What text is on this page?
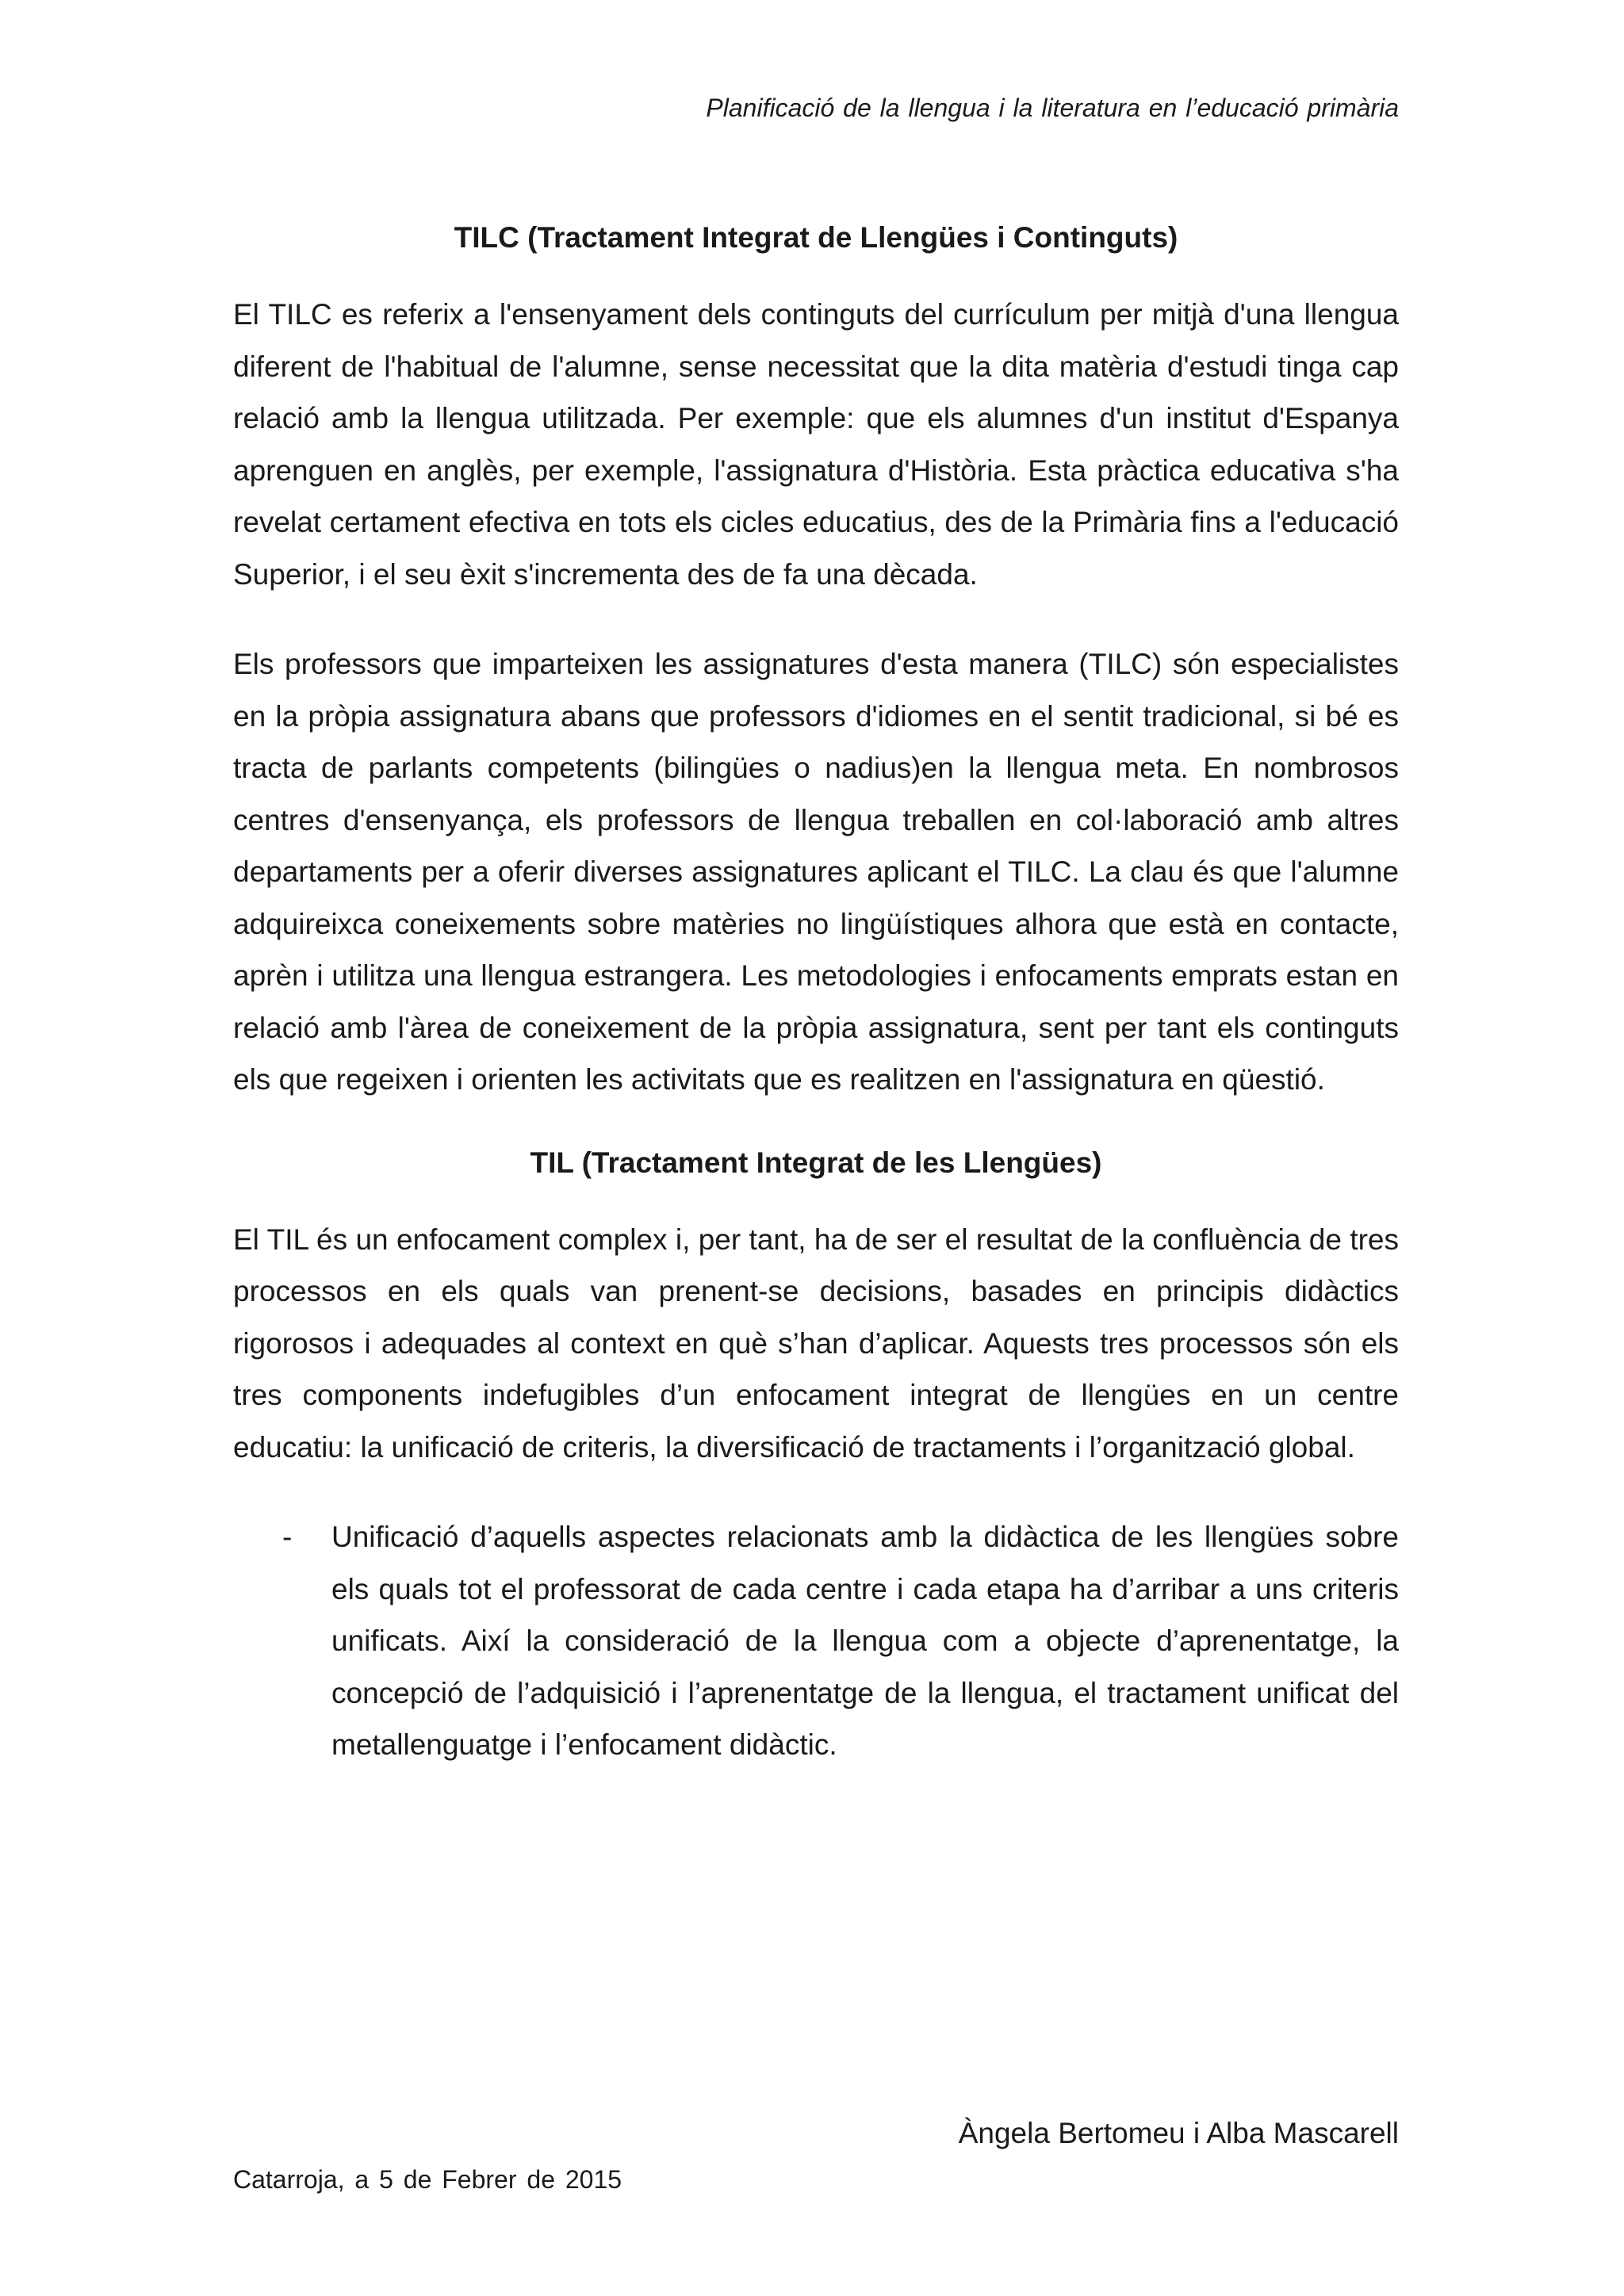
Planificació de la llengua i la literatura en l’educació primària
TILC (Tractament Integrat de Llengües i Continguts)

El TILC es referix a l'ensenyament dels continguts del currículum per mitjà d'una llengua diferent de l'habitual de l'alumne, sense necessitat que la dita matèria d'estudi tinga cap relació amb la llengua utilitzada. Per exemple: que els alumnes d'un institut d'Espanya aprenguen en anglès, per exemple, l'assignatura d'Història. Esta pràctica educativa s'ha revelat certament efectiva en tots els cicles educatius, des de la Primària fins a l'educació Superior, i el seu èxit s'incrementa des de fa una dècada.

Els professors que imparteixen les assignatures d'esta manera (TILC) són especialistes en la pròpia assignatura abans que professors d'idiomes en el sentit tradicional, si bé es tracta de parlants competents (bilingües o nadius)en la llengua meta. En nombrosos centres d'ensenyança, els professors de llengua treballen en col·laboració amb altres departaments per a oferir diverses assignatures aplicant el TILC. La clau és que l'alumne adquireixca coneixements sobre matèries no lingüístiques alhora que està en contacte, aprèn i utilitza una llengua estrangera. Les metodologies i enfocaments emprats estan en relació amb l'àrea de coneixement de la pròpia assignatura, sent per tant els continguts els que regeixen i orienten les activitats que es realitzen en l'assignatura en qüestió.

TIL (Tractament Integrat de les Llengües)

El TIL és un enfocament complex i, per tant, ha de ser el resultat de la confluència de tres processos en els quals van prenent-se decisions, basades en principis didàctics rigorosos i adequades al context en què s’han d’aplicar. Aquests tres processos són els tres components indefugibles d’un enfocament integrat de llengües en un centre educatiu: la unificació de criteris, la diversificació de tractaments i l’organització global.

- Unificació d’aquells aspectes relacionats amb la didàctica de les llengües sobre els quals tot el professorat de cada centre i cada etapa ha d’arribar a uns criteris unificats. Així la consideració de la llengua com a objecte d’aprenentatge, la concepció de l’adquisició i l’aprenentatge de la llengua, el tractament unificat del metallenguatge i l’enfocament didàctic.
Àngela Bertomeu i Alba Mascarell
Catarroja, a 5 de Febrer de 2015
